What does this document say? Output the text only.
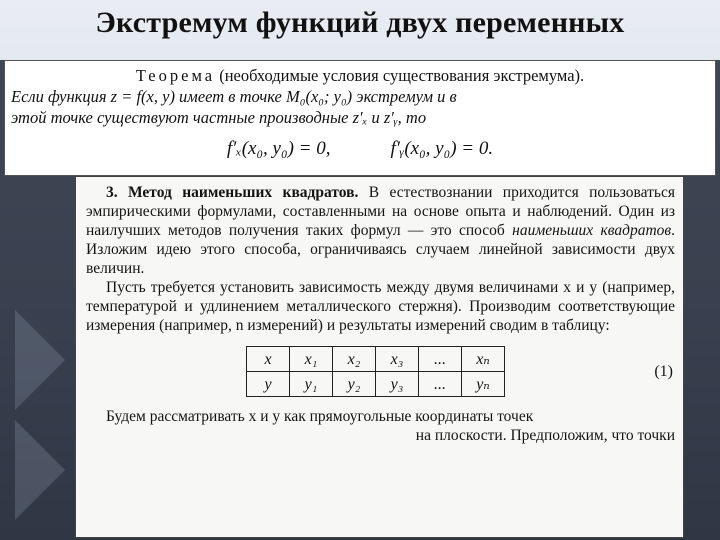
Экстремум функций двух переменных
Теорема (необходимые условия существования экстремума).
Если функция z = f(x, y) имеет в точке M₀(x₀; y₀) экстремум и в
этой точке существуют частные производные z′ₓ и z′ᵧ, то
f′ₓ(x₀, y₀) = 0,	f′ᵧ(x₀, y₀) = 0.

3. Метод наименьших квадратов. В естествознании приходится пользоваться эмпирическими формулами, составленными на основе опыта и наблюдений. Один из наилучших методов получения таких формул — это способ наименьших квадратов. Изложим идею этого способа, ограничиваясь случаем линейной зависимости двух величин.

Пусть требуется установить зависимость между двумя величинами x и y (например, температурой и удлинением металлического стержня). Производим соответствующие измерения (например, n измерений) и результаты измерений сводим в таблицу:

x	x₁	x₂	x₃	...	xₙ
y	y₁	y₂	y₃	...	yₙ
(1)

Будем рассматривать x и y как прямоугольные координаты точек

на плоскости. Предположим, что точки
